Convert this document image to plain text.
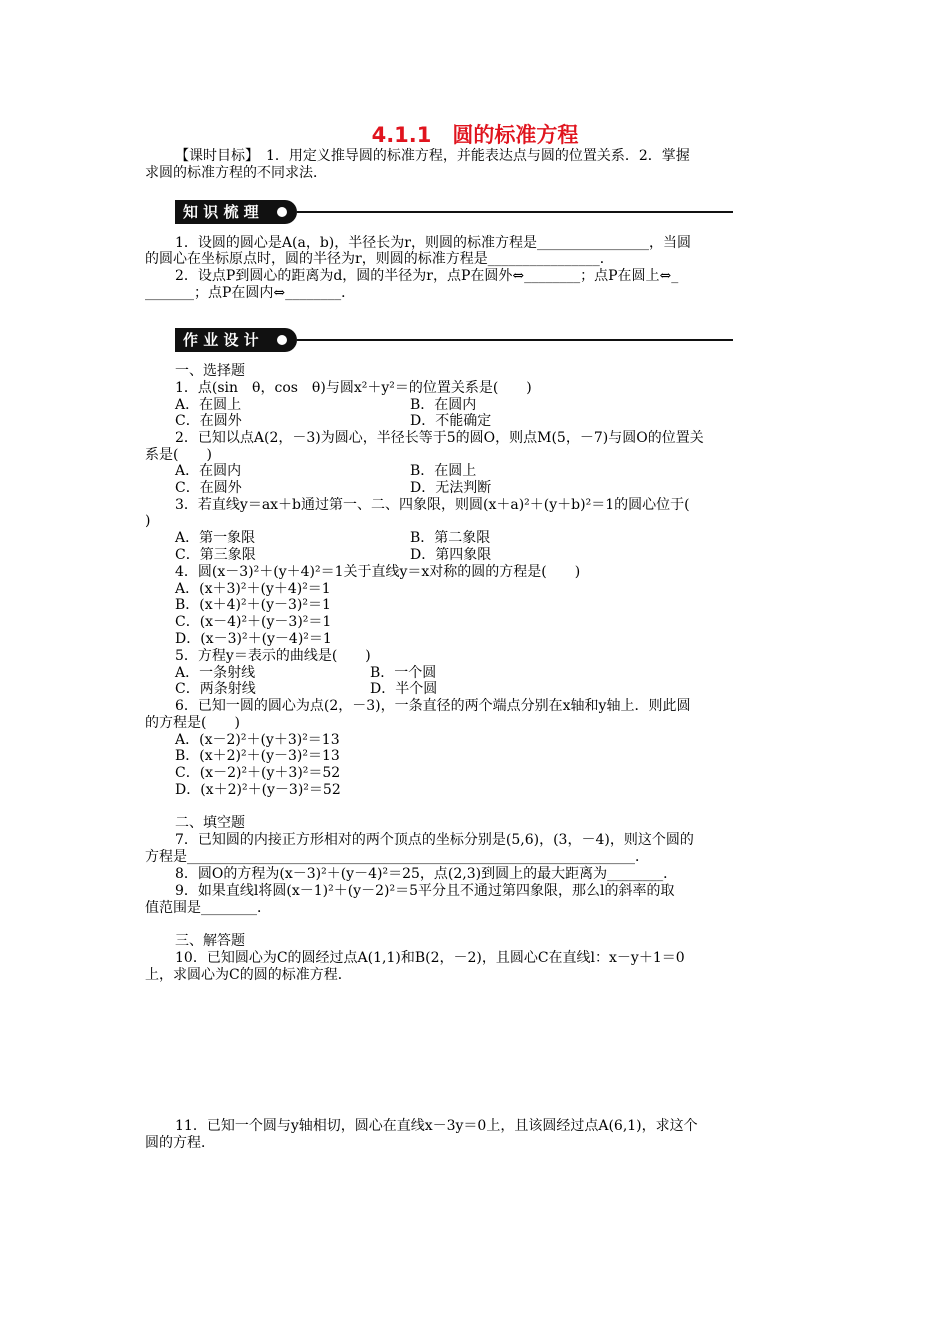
4.1.1　圆的标准方程
【课时目标】　1．用定义推导圆的标准方程，并能表达点与圆的位置关系．2．掌握
求圆的标准方程的不同求法．
知 识 梳 理
1．设圆的圆心是A(a，b)，半径长为r，则圆的标准方程是________________，当圆
的圆心在坐标原点时，圆的半径为r，则圆的标准方程是________________．
2．设点P到圆心的距离为d，圆的半径为r，点P在圆外⇔________；点P在圆上⇔_
_______；点P在圆内⇔________．
作 业 设 计
一、选择题
1．点(sin　θ，cos　θ)与圆x²＋y²＝的位置关系是(　　)
A．在圆上	B．在圆内
C．在圆外	D．不能确定
2．已知以点A(2，－3)为圆心，半径长等于5的圆O，则点M(5，－7)与圆O的位置关
系是(　　)
A．在圆内	B．在圆上
C．在圆外	D．无法判断
3．若直线y＝ax＋b通过第一、二、四象限，则圆(x＋a)²＋(y＋b)²＝1的圆心位于(
)
A．第一象限	B．第二象限
C．第三象限	D．第四象限
4．圆(x－3)²＋(y＋4)²＝1关于直线y＝x对称的圆的方程是(　　)
A．(x＋3)²＋(y＋4)²＝1
B．(x＋4)²＋(y－3)²＝1
C．(x－4)²＋(y－3)²＝1
D．(x－3)²＋(y－4)²＝1
5．方程y＝表示的曲线是(　　)
A．一条射线	B．一个圆
C．两条射线	D．半个圆
6．已知一圆的圆心为点(2，－3)，一条直径的两个端点分别在x轴和y轴上．则此圆
的方程是(　　)
A．(x－2)²＋(y＋3)²＝13
B．(x＋2)²＋(y－3)²＝13
C．(x－2)²＋(y＋3)²＝52
D．(x＋2)²＋(y－3)²＝52
二、填空题
7．已知圆的内接正方形相对的两个顶点的坐标分别是(5,6)，(3，－4)，则这个圆的
方程是________________________________________________________________．
8．圆O的方程为(x－3)²＋(y－4)²＝25，点(2,3)到圆上的最大距离为________．
9．如果直线l将圆(x－1)²＋(y－2)²＝5平分且不通过第四象限，那么l的斜率的取
值范围是________．
三、解答题
10．已知圆心为C的圆经过点A(1,1)和B(2，－2)，且圆心C在直线l：x－y＋1＝0
上，求圆心为C的圆的标准方程．
11．已知一个圆与y轴相切，圆心在直线x－3y＝0上，且该圆经过点A(6,1)，求这个
圆的方程．
